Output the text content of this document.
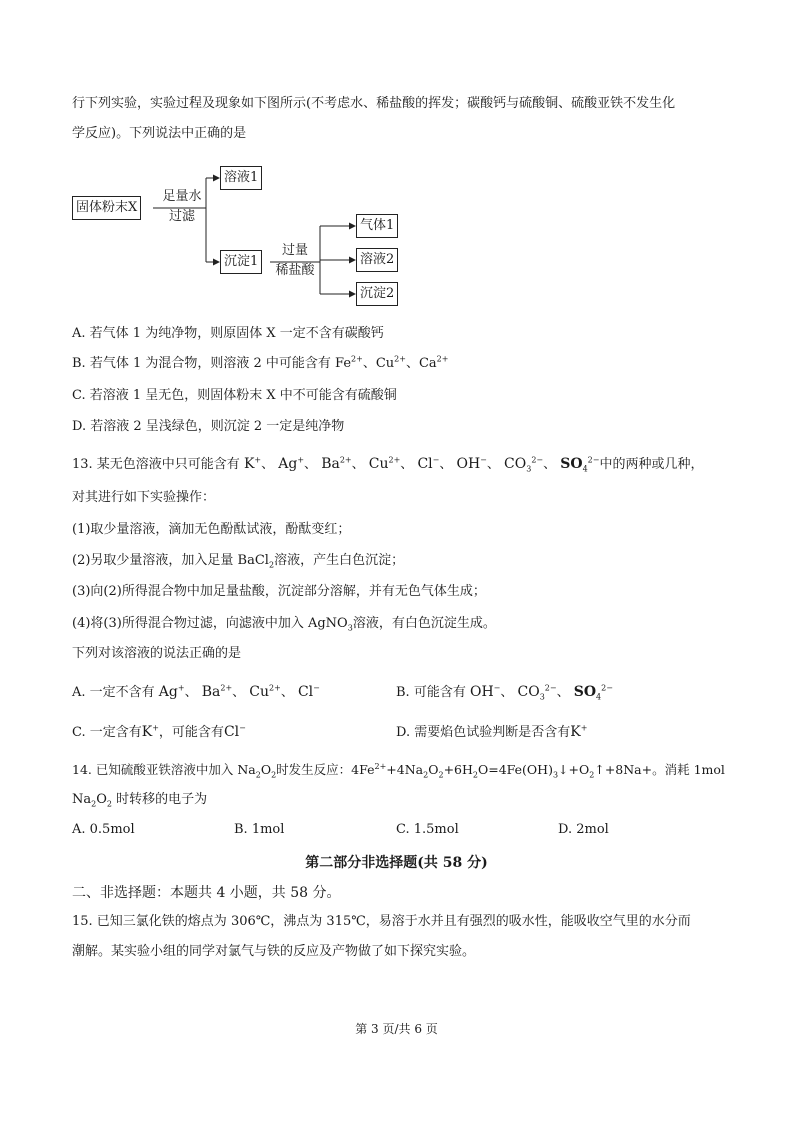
行下列实验，实验过程及现象如下图所示(不考虑水、稀盐酸的挥发；碳酸钙与硫酸铜、硫酸亚铁不发生化
学反应)。下列说法中正确的是
固体粉末X
足量水
过滤
溶液1
沉淀1
过量
稀盐酸
气体1
溶液2
沉淀2
A. 若气体 1 为纯净物，则原固体 X 一定不含有碳酸钙
B. 若气体 1 为混合物，则溶液 2 中可能含有 $Fe^{2+}$、$Cu^{2+}$、$Ca^{2+}$
C. 若溶液 1 呈无色，则固体粉末 X 中不可能含有硫酸铜
D. 若溶液 2 呈浅绿色，则沉淀 2 一定是纯净物
13. 某无色溶液中只可能含有 K+、 Ag+、 $Ba^{2+}$、 $Cu^{2+}$、 Cl−、 OH−、 $CO_3^{2-}$、 $SO_4^{2-}$中的两种或几种，
对其进行如下实验操作：
(1)取少量溶液，滴加无色酚酞试液，酚酞变红；
(2)另取少量溶液，加入足量 BaCl$_2$溶液，产生白色沉淀；
(3)向(2)所得混合物中加足量盐酸，沉淀部分溶解，并有无色气体生成；
(4)将(3)所得混合物过滤，向滤液中加入 AgNO$_3$溶液，有白色沉淀生成。
下列对该溶液的说法正确的是
A. 一定不含有 Ag+、 $Ba^{2+}$、 $Cu^{2+}$、 Cl−	B. 可能含有 OH−、 $CO_3^{2-}$、 $SO_4^{2-}$
C. 一定含有K+，可能含有Cl−	D. 需要焰色试验判断是否含有K+
14. 已知硫酸亚铁溶液中加入 $Na_2O_2$时发生反应：$4Fe^{2+}+4Na_2O_2+6H_2O=4Fe(OH)_3↓+O_2↑+8Na+$。消耗 1mol
$Na_2O_2$ 时转移的电子为
A. 0.5mol	B. 1mol	C. 1.5mol	D. 2mol
第二部分非选择题(共 58 分)
二、非选择题：本题共 4 小题，共 58 分。
15. 已知三氯化铁的熔点为 306℃，沸点为 315℃，易溶于水并且有强烈的吸水性，能吸收空气里的水分而
潮解。某实验小组的同学对氯气与铁的反应及产物做了如下探究实验。
第 3 页/共 6 页
